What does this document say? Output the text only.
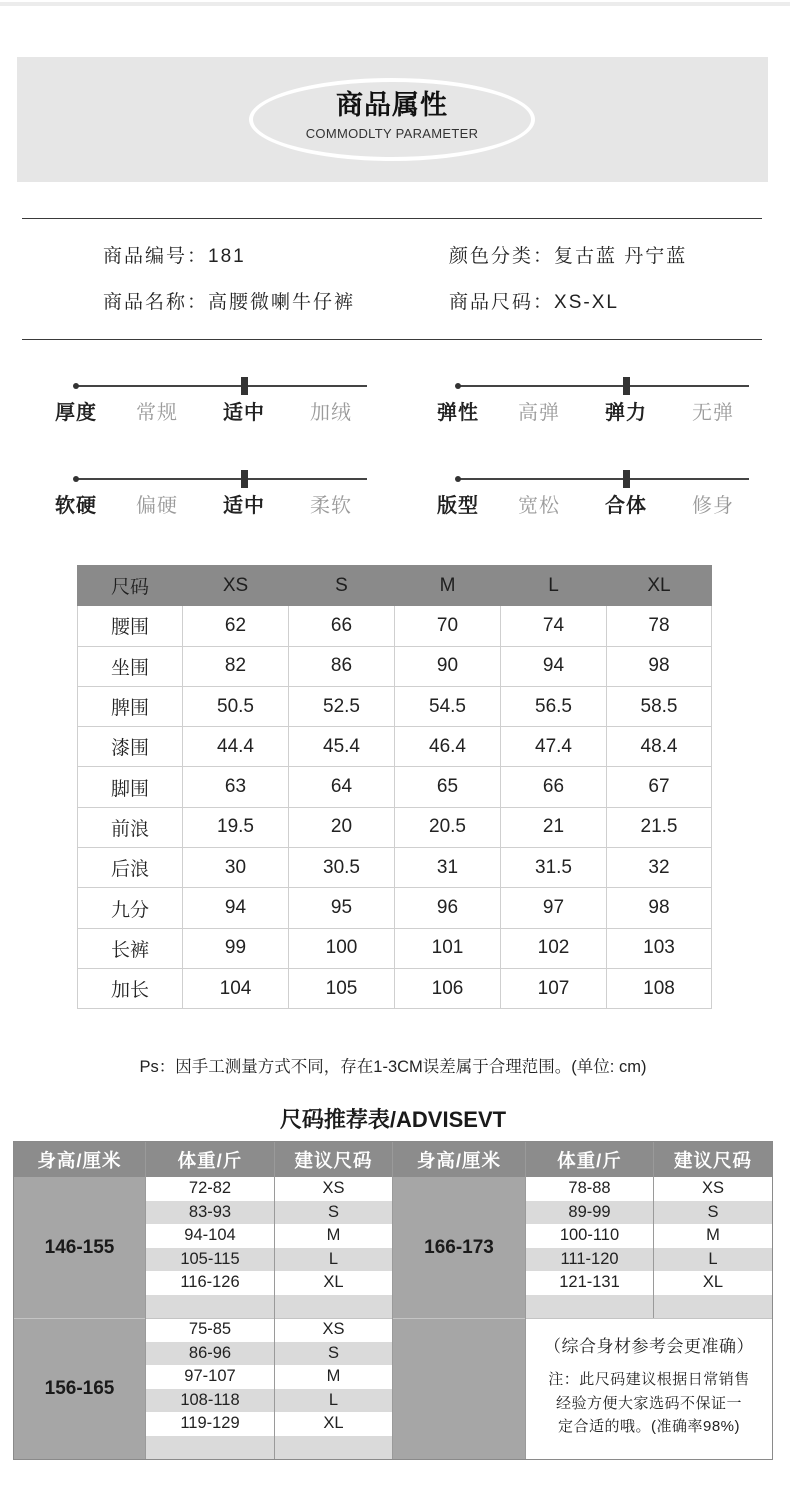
商品属性
COMMODLTY PARAMETER
商品编号：181	颜色分类：复古蓝 丹宁蓝
商品名称：高腰微喇牛仔裤	商品尺码：XS-XL
厚度 常规 适中 加绒	弹性 高弹 弹力 无弹
软硬 偏硬 适中 柔软	版型 宽松 合体 修身
尺码	XS	S	M	L	XL
腰围	62	66	70	74	78
坐围	82	86	90	94	98
脾围	50.5	52.5	54.5	56.5	58.5
漆围	44.4	45.4	46.4	47.4	48.4
脚围	63	64	65	66	67
前浪	19.5	20	20.5	21	21.5
后浪	30	30.5	31	31.5	32
九分	94	95	96	97	98
长裤	99	100	101	102	103
加长	104	105	106	107	108
Ps：因手工测量方式不同，存在1-3CM误差属于合理范围。(单位: cm)
尺码推荐表/ADVISEVT
身高/厘米	体重/斤	建议尺码	身高/厘米	体重/斤	建议尺码
146-155
72-82	XS
83-93	S
94-104	M
105-115	L
116-126	XL
166-173
78-88	XS
89-99	S
100-110	M
111-120	L
121-131	XL
156-165
75-85	XS
86-96	S
97-107	M
108-118	L
119-129	XL
（综合身材参考会更准确）
注：此尺码建议根据日常销售
经验方便大家选码不保证一
定合适的哦。(准确率98%)
